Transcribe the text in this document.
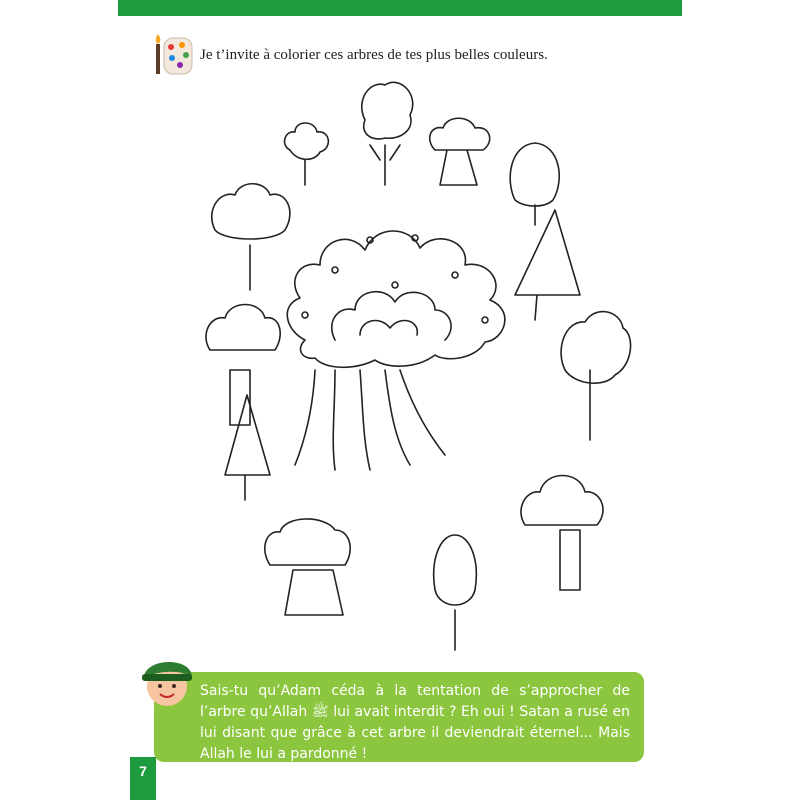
Je t’invite à colorier ces arbres de tes plus belles couleurs.
Sais-tu qu’Adam céda à la tentation de s’approcher de l’arbre qu’Allah ﷺ lui avait interdit ? Eh oui ! Satan a rusé en lui disant que grâce à cet arbre il deviendrait éternel... Mais Allah le lui a pardonné !
7
